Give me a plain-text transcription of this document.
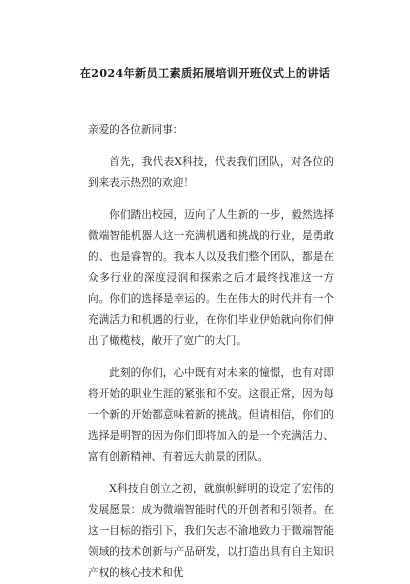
在2024年新员工素质拓展培训开班仪式上的讲话

亲爱的各位新同事：

首先，我代表X科技，代表我们团队，对各位的到来表示热烈的欢迎！

你们踏出校园，迈向了人生新的一步，毅然选择微端智能机器人这一充满机遇和挑战的行业，是勇敢的、也是睿智的。我本人以及我们整个团队，都是在众多行业的深度浸润和探索之后才最终找准这一方向。你们的选择是幸运的。生在伟大的时代并有一个充满活力和机遇的行业，在你们毕业伊始就向你们伸出了橄榄枝，敞开了宽广的大门。

此刻的你们，心中既有对未来的憧憬，也有对即将开始的职业生涯的紧张和不安。这很正常，因为每一个新的开始都意味着新的挑战。但请相信，你们的选择是明智的因为你们即将加入的是一个充满活力、富有创新精神、有着远大前景的团队。

X科技自创立之初，就旗帜鲜明的设定了宏伟的发展愿景：成为微端智能时代的开创者和引领者。在这一目标的指引下，我们矢志不渝地致力于微端智能领域的技术创新与产品研发，以打造出具有自主知识产权的核心技术和优
